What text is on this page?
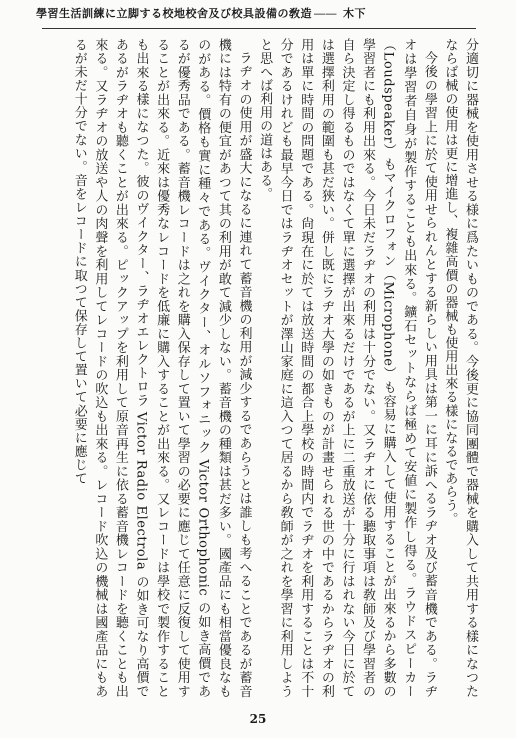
學習生活訓練に立脚する校地校舍及び校具設備の敎造 ―― 木下

分適切に器械を使用させる様に爲たいものである。今後更に協同團體で器械を購入して共用する樣になつたならば械の使用は更に增進し、複雜高價の器械も使用出來る樣になるであらう。

今後の學習上に於て使用せられんとする新らしい用具は第一に耳に訴へるラヂオ及び蓄音機である。ラヂオは學習者自身が製作することも出來る。鑛石セットならば極めて安値に製作し得る。ラウドスピーカー（Loudspeaker）もマイクロフォン（Microphone）も容易に購入して使用することが出來るから多數の學習者にも利用出來る。今日未だラヂオの利用は十分でない。又ラヂオに依る聽取事項は敎師及び學習者の自ら決定し得るものではなくて單に選擇が出來るだけであるが上に二重放送が十分に行はれない今日に於ては選擇利用の範圍も甚だ狹い。併し既にラヂオ大學の如きものが計畫せられる世の中であるからラヂオの利用は單に時間の問題である。尙現在に於ては放送時間の都合上學校の時間内でラヂオを利用することは不十分であるけれども最早今日ではラヂオセットが澤山家庭に這入つて居るから敎師が之れを學習に利用しようと思へば利用の道はある。

ラヂオの使用が盛大になるに連れて蓄音機の利用が減少するであらうとは誰しも考へることであるが蓄音機には特有の便宜があつて其の利用が敢て減少しない。蓄音機の種類は甚だ多い。國產品にも相當優良なものがある。價格も實に種々である。ヴイクター、オルソフォニック Victor Orthophonic の如き高價であるが優秀品である。蓄音機レコードは之れを購入保存して置いて學習の必要に應じて任意に反復して使用することが出來る。近來は優秀なレコードを低廉に購入することが出來る。又レコードは學校で製作することも出來る樣になつた。彼のヴイクター、ラヂオエレクトロラ Victor Radio Electrola の如き可なり高價であるがラヂオも聽くことが出來る。ピックアップを利用して原音再生に依る蓄音機レコードを聽くことも出來る。又ラヂオの放送や人の肉聲を利用してレコードの吹込も出來る。レコード吹込の機械は國產品にもあるが未だ十分でない。音をレコードに取つて保存して置いて必要に應じて

25
